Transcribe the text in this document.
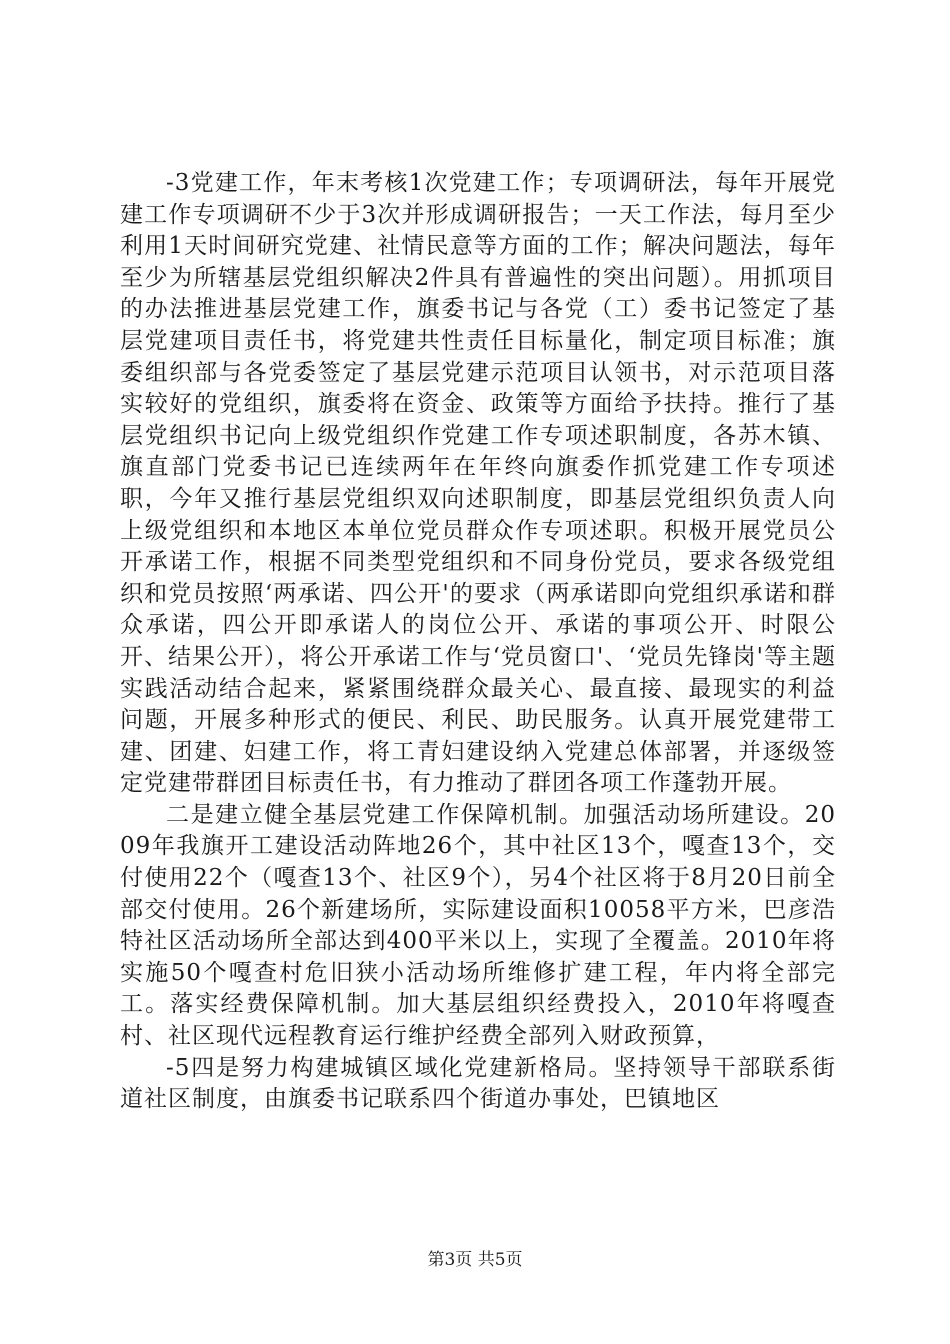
-3党建工作，年末考核1次党建工作；专项调研法，每年开展党建工作专项调研不少于3次并形成调研报告；一天工作法，每月至少利用1天时间研究党建、社情民意等方面的工作；解决问题法，每年至少为所辖基层党组织解决2件具有普遍性的突出问题）。用抓项目的办法推进基层党建工作，旗委书记与各党（工）委书记签定了基层党建项目责任书，将党建共性责任目标量化，制定项目标准；旗委组织部与各党委签定了基层党建示范项目认领书，对示范项目落实较好的党组织，旗委将在资金、政策等方面给予扶持。推行了基层党组织书记向上级党组织作党建工作专项述职制度，各苏木镇、旗直部门党委书记已连续两年在年终向旗委作抓党建工作专项述职，今年又推行基层党组织双向述职制度，即基层党组织负责人向上级党组织和本地区本单位党员群众作专项述职。积极开展党员公开承诺工作，根据不同类型党组织和不同身份党员，要求各级党组织和党员按照‘两承诺、四公开'的要求（两承诺即向党组织承诺和群众承诺，四公开即承诺人的岗位公开、承诺的事项公开、时限公开、结果公开），将公开承诺工作与‘党员窗口'、‘党员先锋岗'等主题实践活动结合起来，紧紧围绕群众最关心、最直接、最现实的利益问题，开展多种形式的便民、利民、助民服务。认真开展党建带工建、团建、妇建工作，将工青妇建设纳入党建总体部署，并逐级签定党建带群团目标责任书，有力推动了群团各项工作蓬勃开展。

二是建立健全基层党建工作保障机制。加强活动场所建设。2009年我旗开工建设活动阵地26个，其中社区13个，嘎查13个，交付使用22个（嘎查13个、社区9个），另4个社区将于8月20日前全部交付使用。26个新建场所，实际建设面积10058平方米，巴彦浩特社区活动场所全部达到400平米以上，实现了全覆盖。2010年将实施50个嘎查村危旧狭小活动场所维修扩建工程，年内将全部完工。落实经费保障机制。加大基层组织经费投入，2010年将嘎查村、社区现代远程教育运行维护经费全部列入财政预算，

-5四是努力构建城镇区域化党建新格局。坚持领导干部联系街道社区制度，由旗委书记联系四个街道办事处，巴镇地区

第3页 共5页
